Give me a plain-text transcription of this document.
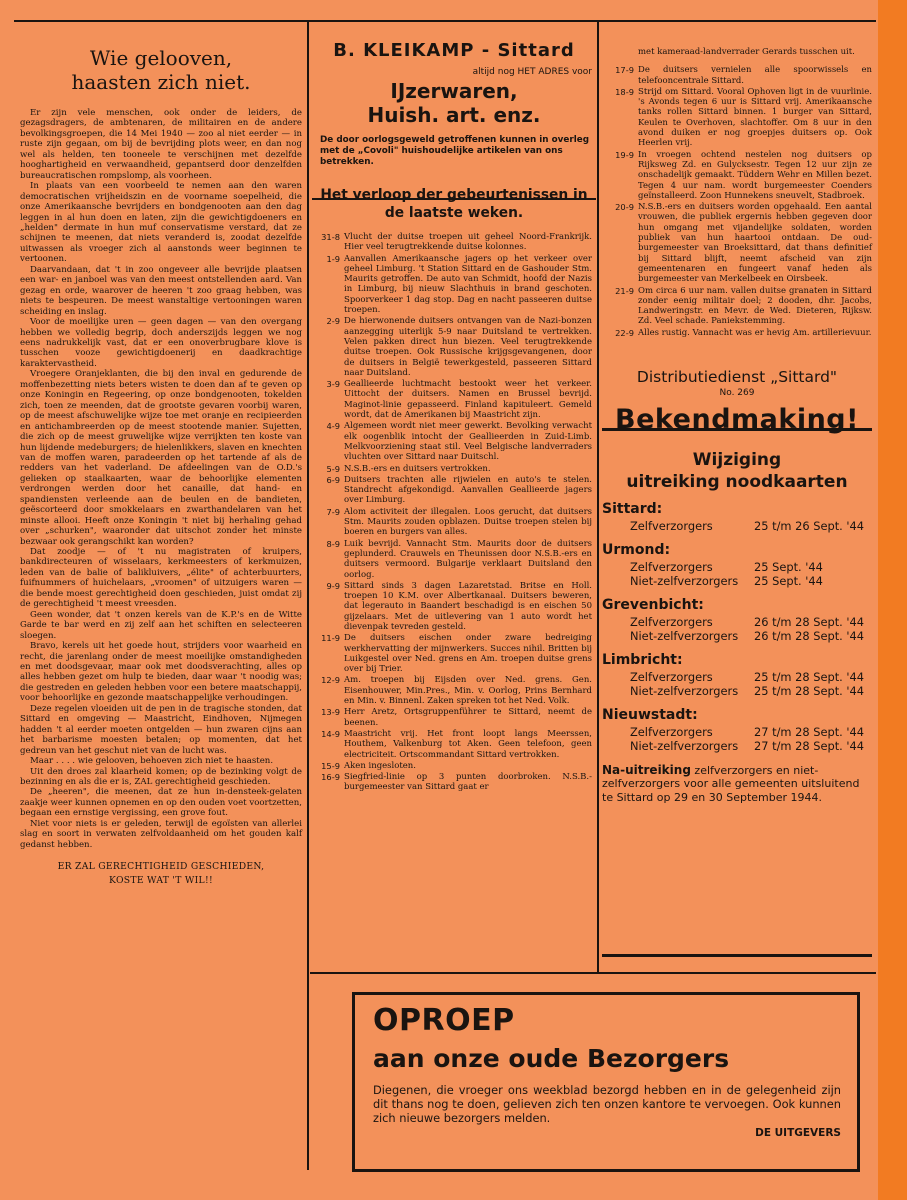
Wie gelooven,
haasten zich niet.

Er zijn vele menschen, ook onder de leiders, de gezagsdragers, de ambtenaren, de militairen en de andere bevolkingsgroepen, die 14 Mei 1940 — zoo al niet eerder — in ruste zijn gegaan, om bij de bevrijding plots weer, en dan nog wel als helden, ten tooneele te verschijnen met dezelfde hooghartigheid en verwaandheid, gepantserd door denzelfden bureaucratischen rompslomp, als voorheen.

In plaats van een voorbeeld te nemen aan den waren democratischen vrijheidszin en de voorname soepelheid, die onze Amerikaansche bevrijders en bondgenooten aan den dag leggen in al hun doen en laten, zijn die gewichtigdoeners en „helden" dermate in hun muf conservatisme verstard, dat ze schijnen te meenen, dat niets veranderd is, zoodat dezelfde uitwassen als vroeger zich al aanstonds weer beginnen te vertoonen.

Daarvandaan, dat 't in zoo ongeveer alle bevrijde plaatsen een war- en janboel was van den meest ontstellenden aard. Van gezag en orde, waarover de heeren 't zoo graag hebben, was niets te bespeuren. De meest wanstaltige vertooningen waren scheiding en inslag.

Voor de moeilijke uren — geen dagen — van den overgang hebben we volledig begrip, doch anderszijds leggen we nog eens nadrukkelijk vast, dat er een onoverbrugbare klove is tusschen vooze gewichtigdoenerij en daadkrachtige karaktervastheid.

Vroegere Oranjeklanten, die bij den inval en gedurende de moffenbezetting niets beters wisten te doen dan af te geven op onze Koningin en Regeering, op onze bondgenooten, tokelden zich, toen ze meenden, dat de grootste gevaren voorbij waren, op de meest afschuwelijke wijze toe met oranje en recipieerden en antichambreerden op de meest stootende manier. Sujetten, die zich op de meest gruwelijke wijze verrijkten ten koste van hun lijdende medeburgers; de hielenlikkers, slaven en knechten van de moffen waren, paradeerden op het tartende af als de redders van het vaderland. De afdeelingen van de O.D.'s gelieken op staalkaarten, waar de behoorlijke elementen verdrongen werden door het canaille, dat hand- en spandiensten verleende aan de beulen en de bandieten, geëscorteerd door smokkelaars en zwarthandelaren van het minste allooi. Heeft onze Koningin 't niet bij herhaling gehad over „schurken", waaronder dat uitschot zonder het minste bezwaar ook gerangschikt kan worden?

Dat zoodje — of 't nu magistraten of kruipers, bankdirecteuren of wisselaars, kerkmeesters of kerkmuizen, leden van de balie of balikluivers, „élite" of achterbuurters, fuifnummers of huichelaars, „vroomen" of uitzuigers waren — die bende moest gerechtigheid doen geschieden, juist omdat zij de gerechtigheid 't meest vreesden.

Geen wonder, dat 't onzen kerels van de K.P.'s en de Witte Garde te bar werd en zij zelf aan het schiften en selecteeren sloegen.

Bravo, kerels uit het goede hout, strijders voor waarheid en recht, die jarenlang onder de meest moeilijke omstandigheden en met doodsgevaar, maar ook met doodsverachting, alles op alles hebben gezet om hulp te bieden, daar waar 't noodig was; die gestreden en geleden hebben voor een betere maatschappij, voor behoorlijke en gezonde maatschappelijke verhoudingen.

Deze regelen vloeiden uit de pen in de tragische stonden, dat Sittard en omgeving — Maastricht, Eindhoven, Nijmegen hadden 't al eerder moeten ontgelden — hun zwaren cijns aan het barbarisme moesten betalen; op momenten, dat het gedreun van het geschut niet van de lucht was.

Maar . . . . wie gelooven, behoeven zich niet te haasten.

Uit den droes zal klaarheid komen; op de bezinking volgt de bezinning en als die er is, ZAL gerechtigheid geschieden.

De „heeren", die meenen, dat ze hun in-densteek-gelaten zaakje weer kunnen opnemen en op den ouden voet voortzetten, begaan een ernstige vergissing, een grove fout.

Niet voor niets is er geleden, terwijl de egoïsten van allerlei slag en soort in verwaten zelfvoldaanheid om het gouden kalf gedanst hebben.

ER ZAL GERECHTIGHEID GESCHIEDEN,
KOSTE WAT 'T WIL!!

B. KLEIKAMP - Sittard

altijd nog HET ADRES voor

IJzerwaren,

Huish. art. enz.

De door oorlogsgeweld getroffenen kunnen in overleg met de „Covoli" huishoudelijke artikelen van ons betrekken.

Het verloop der gebeurtenissen in de laatste weken.

31-8 Vlucht der duitse troepen uit geheel Noord-Frankrijk. Hier veel terugtrekkende duitse kolonnes.
1-9 Aanvallen Amerikaansche jagers op het verkeer over geheel Limburg. 't Station Sittard en de Gashouder Stm. Maurits getroffen. De auto van Schmidt, hoofd der Nazis in Limburg, bij nieuw Slachthuis in brand geschoten. Spoorverkeer 1 dag stop. Dag en nacht passeeren duitse troepen.
2-9 De hierwonende duitsers ontvangen van de Nazi-bonzen aanzegging uiterlijk 5-9 naar Duitsland te vertrekken. Velen pakken direct hun biezen. Veel terugtrekkende duitse troepen. Ook Russische krijgsgevangenen, door de duitsers in België tewerkgesteld, passeeren Sittard naar Duitsland.
3-9 Geallieerde luchtmacht bestookt weer het verkeer. Uittocht der duitsers. Namen en Brussel bevrijd. Maginot-linie gepasseerd. Finland kapituleert. Gemeld wordt, dat de Amerikanen bij Maastricht zijn.
4-9 Algemeen wordt niet meer gewerkt. Bevolking verwacht elk oogenblik intocht der Geallieerden in Zuid-Limb. Melkvoorziening staat stil. Veel Belgische landverraders vluchten over Sittard naar Duitschl.
5-9 N.S.B.-ers en duitsers vertrokken.
6-9 Duitsers trachten alle rijwielen en auto's te stelen. Standrecht afgekondigd. Aanvallen Geallieerde jagers over Limburg.
7-9 Alom activiteit der illegalen. Loos gerucht, dat duitsers Stm. Maurits zouden opblazen. Duitse troepen stelen bij boeren en burgers van alles.
8-9 Luik bevrijd. Vannacht Stm. Maurits door de duitsers geplunderd. Crauwels en Theunissen door N.S.B.-ers en duitsers vermoord. Bulgarije verklaart Duitsland den oorlog.
9-9 Sittard sinds 3 dagen Lazaretstad. Britse en Holl. troepen 10 K.M. over Albertkanaal. Duitsers beweren, dat legerauto in Baandert beschadigd is en eischen 50 gijzelaars. Met de uitlevering van 1 auto wordt het dievenpak tevreden gesteld.
11-9 De duitsers eischen onder zware bedreiging werkhervatting der mijnwerkers. Succes nihil. Britten bij Luikgestel over Ned. grens en Am. troepen duitse grens over bij Trier.
12-9 Am. troepen bij Eijsden over Ned. grens. Gen. Eisenhouwer, Min.Pres., Min. v. Oorlog, Prins Bernhard en Min. v. Binnenl. Zaken spreken tot het Ned. Volk.
13-9 Herr Aretz, Ortsgruppenführer te Sittard, neemt de beenen.
14-9 Maastricht vrij. Het front loopt langs Meerssen, Houthem, Valkenburg tot Aken. Geen telefoon, geen electriciteit. Ortscommandant Sittard vertrokken.
15-9 Aken ingesloten.
16-9 Siegfried-linie op 3 punten doorbroken. N.S.B.-burgemeester van Sittard gaat er

met kameraad-landverrader Gerards tusschen uit.

17-9 De duitsers vernielen alle spoorwissels en telefooncentrale Sittard.
18-9 Strijd om Sittard. Vooral Ophoven ligt in de vuurlinie. 's Avonds tegen 6 uur is Sittard vrij. Amerikaansche tanks rollen Sittard binnen. 1 burger van Sittard, Keulen te Overhoven, slachtoffer. Om 8 uur in den avond duiken er nog groepjes duitsers op. Ook Heerlen vrij.
19-9 In vroegen ochtend nestelen nog duitsers op Rijksweg Zd. en Gulycksestr. Tegen 12 uur zijn ze onschadelijk gemaakt. Tüddern Wehr en Millen bezet. Tegen 4 uur nam. wordt burgemeester Coenders geïnstalleerd. Zoon Hunnekens sneuvelt, Stadbroek.
20-9 N.S.B.-ers en duitsers worden opgehaald. Een aantal vrouwen, die publiek ergernis hebben gegeven door hun omgang met vijandelijke soldaten, worden publiek van hun haartooi ontdaan. De oud-burgemeester van Broeksittard, dat thans definitief bij Sittard blijft, neemt afscheid van zijn gemeentenaren en fungeert vanaf heden als burgemeester van Merkelbeek en Oirsbeek.
21-9 Om circa 6 uur nam. vallen duitse granaten in Sittard zonder eenig militair doel; 2 dooden, dhr. Jacobs, Landweringstr. en Mevr. de Wed. Dieteren, Rijksw. Zd. Veel schade. Paniekstemming.
22-9 Alles rustig. Vannacht was er hevig Am. artillerievuur.

Distributiedienst „Sittard"

No. 269

Bekendmaking!

Wijziging

uitreiking noodkaarten

Sittard:

Zelfverzorgers	25 t/m 26 Sept. '44

Urmond:

Zelfverzorgers	25 Sept. '44
Niet-zelfverzorgers	25 Sept. '44

Grevenbicht:

Zelfverzorgers	26 t/m 28 Sept. '44
Niet-zelfverzorgers	26 t/m 28 Sept. '44

Limbricht:

Zelfverzorgers	25 t/m 28 Sept. '44
Niet-zelfverzorgers	25 t/m 28 Sept. '44

Nieuwstadt:

Zelfverzorgers	27 t/m 28 Sept. '44
Niet-zelfverzorgers	27 t/m 28 Sept. '44

Na-uitreiking zelfverzorgers en niet-zelfverzorgers voor alle gemeenten uitsluitend te Sittard op 29 en 30 September 1944.

OPROEP

aan onze oude Bezorgers

Diegenen, die vroeger ons weekblad bezorgd hebben en in de gelegenheid zijn dit thans nog te doen, gelieven zich ten onzen kantore te vervoegen. Ook kunnen zich nieuwe bezorgers melden.

DE UITGEVERS
